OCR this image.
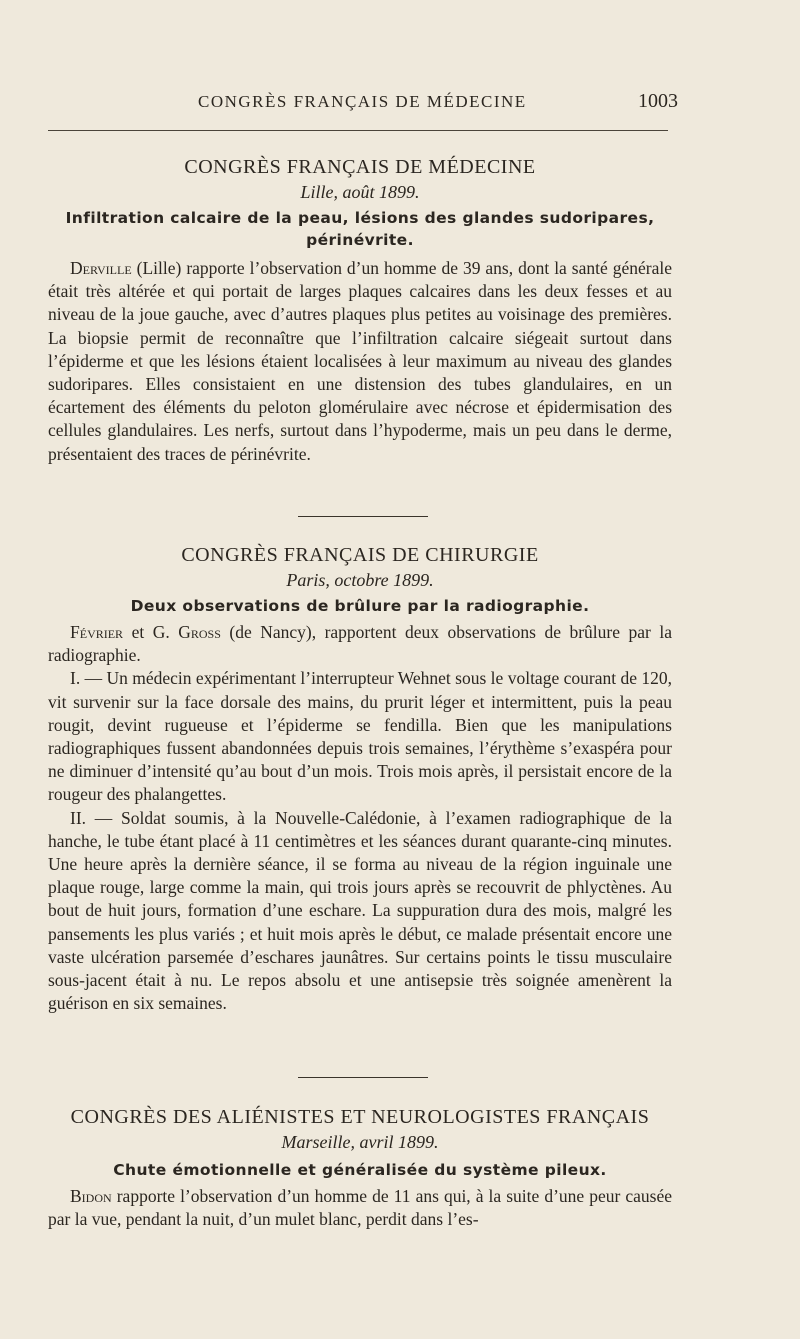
CONGRÈS FRANÇAIS DE MÉDECINE	1003

CONGRÈS FRANÇAIS DE MÉDECINE

Lille, août 1899.

Infiltration calcaire de la peau, lésions des glandes sudoripares, périnévrite.

Derville (Lille) rapporte l’observation d’un homme de 39 ans, dont la santé générale était très altérée et qui portait de larges plaques calcaires dans les deux fesses et au niveau de la joue gauche, avec d’autres plaques plus petites au voisinage des premières. La biopsie permit de reconnaître que l’infiltration calcaire siégeait surtout dans l’épiderme et que les lésions étaient localisées à leur maximum au niveau des glandes sudoripares. Elles consistaient en une distension des tubes glandulaires, en un écartement des éléments du peloton glomérulaire avec nécrose et épidermisation des cellules glandulaires. Les nerfs, surtout dans l’hypoderme, mais un peu dans le derme, présentaient des traces de périnévrite.

CONGRÈS FRANÇAIS DE CHIRURGIE

Paris, octobre 1899.

Deux observations de brûlure par la radiographie.

Février et G. Gross (de Nancy), rapportent deux observations de brûlure par la radiographie.

I. — Un médecin expérimentant l’interrupteur Wehnet sous le voltage courant de 120, vit survenir sur la face dorsale des mains, du prurit léger et intermittent, puis la peau rougit, devint rugueuse et l’épiderme se fendilla. Bien que les manipulations radiographiques fussent abandonnées depuis trois semaines, l’érythème s’exaspéra pour ne diminuer d’intensité qu’au bout d’un mois. Trois mois après, il persistait encore de la rougeur des phalangettes.

II. — Soldat soumis, à la Nouvelle-Calédonie, à l’examen radiographique de la hanche, le tube étant placé à 11 centimètres et les séances durant quarante-cinq minutes. Une heure après la dernière séance, il se forma au niveau de la région inguinale une plaque rouge, large comme la main, qui trois jours après se recouvrit de phlyctènes. Au bout de huit jours, formation d’une eschare. La suppuration dura des mois, malgré les pansements les plus variés ; et huit mois après le début, ce malade présentait encore une vaste ulcération parsemée d’eschares jaunâtres. Sur certains points le tissu musculaire sous-jacent était à nu. Le repos absolu et une antisepsie très soignée amenèrent la guérison en six semaines.

CONGRÈS DES ALIÉNISTES ET NEUROLOGISTES FRANÇAIS

Marseille, avril 1899.

Chute émotionnelle et généralisée du système pileux.

Bidon rapporte l’observation d’un homme de 11 ans qui, à la suite d’une peur causée par la vue, pendant la nuit, d’un mulet blanc, perdit dans l’es-
